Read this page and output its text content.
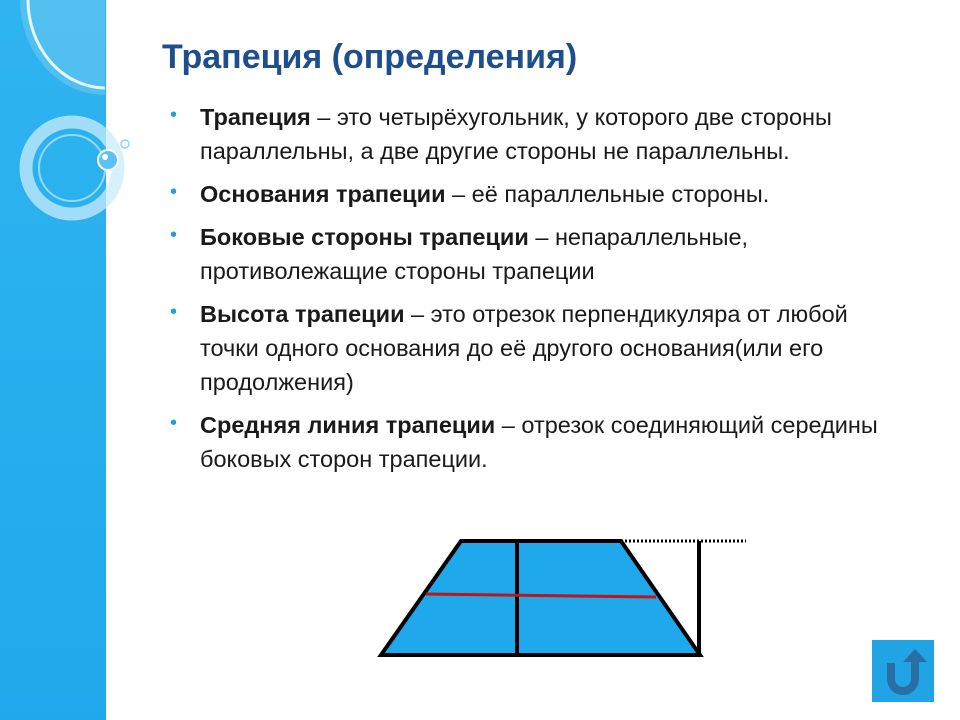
Трапеция (определения)
• Трапеция – это четырёхугольник, у которого две стороны параллельны, а две другие стороны не параллельны.
• Основания трапеции – её параллельные стороны.
• Боковые стороны трапеции – непараллельные, противолежащие стороны трапеции
• Высота трапеции – это отрезок перпендикуляра от любой точки одного основания до её другого основания(или его продолжения)
• Средняя линия трапеции – отрезок соединяющий середины боковых сторон трапеции.
